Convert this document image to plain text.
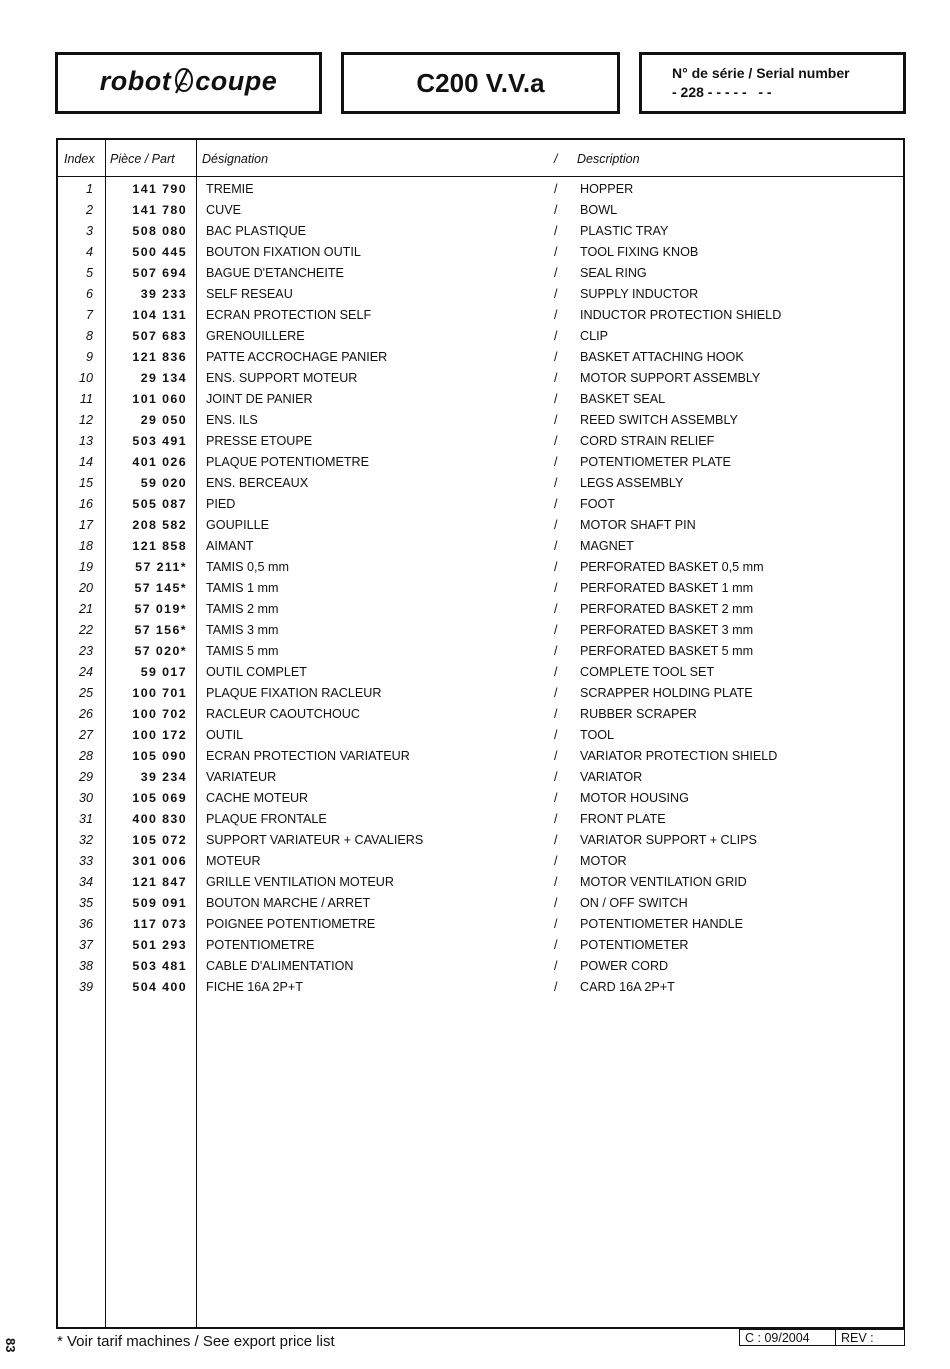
robot coupe	C200 V.V.a	N° de série / Serial number
- 228 - - - - -   - -
Index Pièce / Part Désignation	/ Description
1	141 790 TREMIE	/ HOPPER
2	141 780 CUVE	/ BOWL
3	508 080 BAC PLASTIQUE	/ PLASTIC TRAY
4	500 445 BOUTON FIXATION OUTIL	/ TOOL FIXING KNOB
5	507 694 BAGUE D'ETANCHEITE	/ SEAL RING
6	39 233 SELF RESEAU	/ SUPPLY INDUCTOR
7	104 131 ECRAN PROTECTION SELF	/ INDUCTOR PROTECTION SHIELD
8	507 683 GRENOUILLERE	/ CLIP
9	121 836 PATTE ACCROCHAGE PANIER	/ BASKET ATTACHING HOOK
10	29 134 ENS. SUPPORT MOTEUR	/ MOTOR SUPPORT ASSEMBLY
11	101 060 JOINT DE PANIER	/ BASKET SEAL
12	29 050 ENS. ILS	/ REED SWITCH ASSEMBLY
13	503 491 PRESSE ETOUPE	/ CORD STRAIN RELIEF
14	401 026 PLAQUE POTENTIOMETRE	/ POTENTIOMETER PLATE
15	59 020 ENS. BERCEAUX	/ LEGS ASSEMBLY
16	505 087 PIED	/ FOOT
17	208 582 GOUPILLE	/ MOTOR SHAFT PIN
18	121 858 AIMANT	/ MAGNET
19	57 211* TAMIS 0,5 mm	/ PERFORATED BASKET 0,5 mm
20	57 145* TAMIS 1 mm	/ PERFORATED BASKET 1 mm
21	57 019* TAMIS 2 mm	/ PERFORATED BASKET 2 mm
22	57 156* TAMIS 3 mm	/ PERFORATED BASKET 3 mm
23	57 020* TAMIS 5 mm	/ PERFORATED BASKET 5 mm
24	59 017 OUTIL COMPLET	/ COMPLETE TOOL SET
25	100 701 PLAQUE FIXATION RACLEUR	/ SCRAPPER HOLDING PLATE
26	100 702 RACLEUR CAOUTCHOUC	/ RUBBER SCRAPER
27	100 172 OUTIL	/ TOOL
28	105 090 ECRAN PROTECTION VARIATEUR	/ VARIATOR PROTECTION SHIELD
29	39 234 VARIATEUR	/ VARIATOR
30	105 069 CACHE MOTEUR	/ MOTOR HOUSING
31	400 830 PLAQUE FRONTALE	/ FRONT PLATE
32	105 072 SUPPORT VARIATEUR + CAVALIERS	/ VARIATOR SUPPORT + CLIPS
33	301 006 MOTEUR	/ MOTOR
34	121 847 GRILLE VENTILATION MOTEUR	/ MOTOR VENTILATION GRID
35	509 091 BOUTON MARCHE / ARRET	/ ON / OFF SWITCH
36	117 073 POIGNEE POTENTIOMETRE	/ POTENTIOMETER HANDLE
37	501 293 POTENTIOMETRE	/ POTENTIOMETER
38	503 481 CABLE D'ALIMENTATION	/ POWER CORD
39	504 400 FICHE 16A 2P+T	/ CARD 16A 2P+T
83	* Voir tarif machines / See export price list	C : 09/2004	REV :
